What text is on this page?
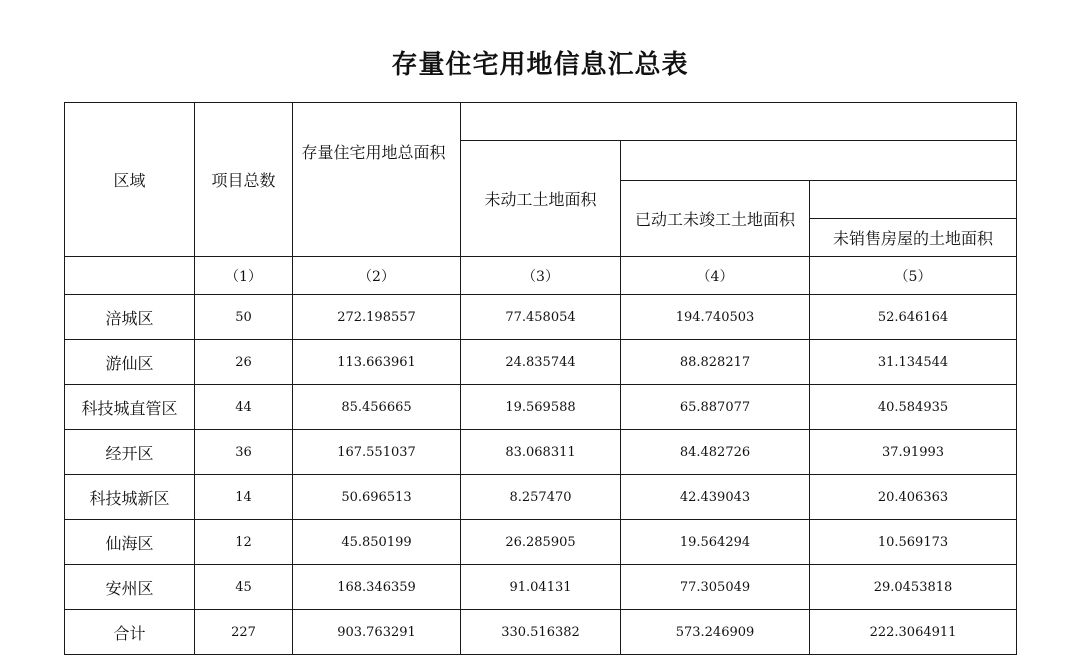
存量住宅用地信息汇总表
区域	项目总数	存量住宅用地总面积			
			未动工土地面积		
				已动工未竣工土地面积	
					未销售房屋的土地面积
	（1）	（2）	（3）	（4）	（5）
涪城区	50	272.198557	77.458054	194.740503	52.646164
游仙区	26	113.663961	24.835744	88.828217	31.134544
科技城直管区	44	85.456665	19.569588	65.887077	40.584935
经开区	36	167.551037	83.068311	84.482726	37.91993
科技城新区	14	50.696513	8.257470	42.439043	20.406363
仙海区	12	45.850199	26.285905	19.564294	10.569173
安州区	45	168.346359	91.04131	77.305049	29.0453818
合计	227	903.763291	330.516382	573.246909	222.3064911
